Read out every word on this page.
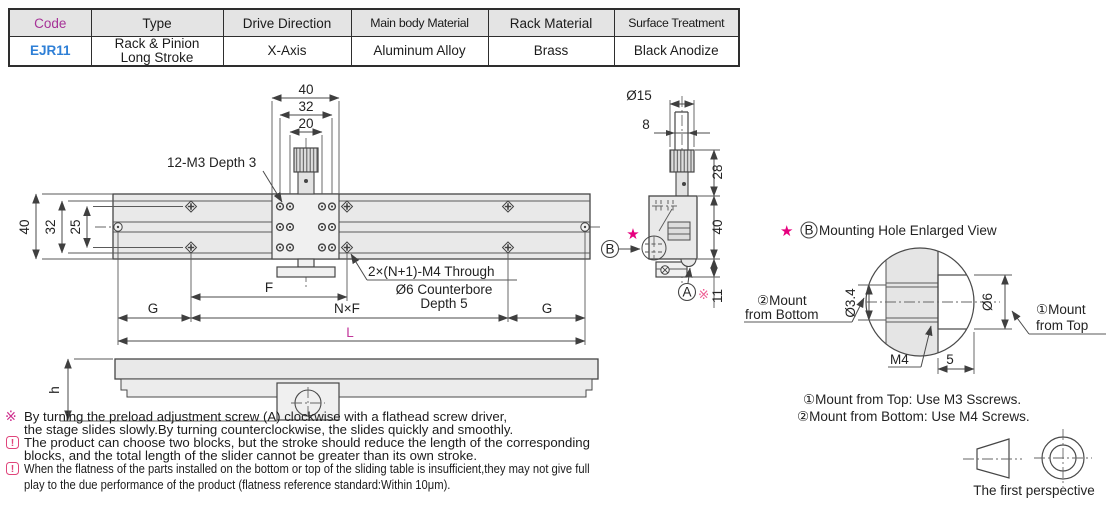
Code	Type	Drive Direction	Main body Material	Rack Material	Surface Treatment
EJR11	Rack & Pinion Long Stroke	X-Axis	Aluminum Alloy	Brass	Black Anodize
40
32
20
40 32 25
12-M3 Depth 3
2×(N+1)-M4 Through
Ø6 Counterbore
Depth 5
F
G	N×F	G
L
B
★
A ※
Ø15
8
28
40
11
★ B Mounting Hole Enlarged View
Ø3.4	Ø6
M4	5
②Mount
from Bottom	①Mount
from Top
①Mount from Top: Use M3 Sscrews.
②Mount from Bottom: Use M4 Screws.
h
The first perspective
※ By turning the preload adjustment screw (A) clockwise with a flathead screw driver,
the stage slides slowly.By turning counterclockwise, the slides quickly and smoothly.
! The product can choose two blocks, but the stroke should reduce the length of the corresponding
blocks, and the total length of the slider cannot be greater than its own stroke.
! When the flatness of the parts installed on the bottom or top of the sliding table is insufficient,they may not give full
play to the due performance of the product (flatness reference standard:Within 10μm).
